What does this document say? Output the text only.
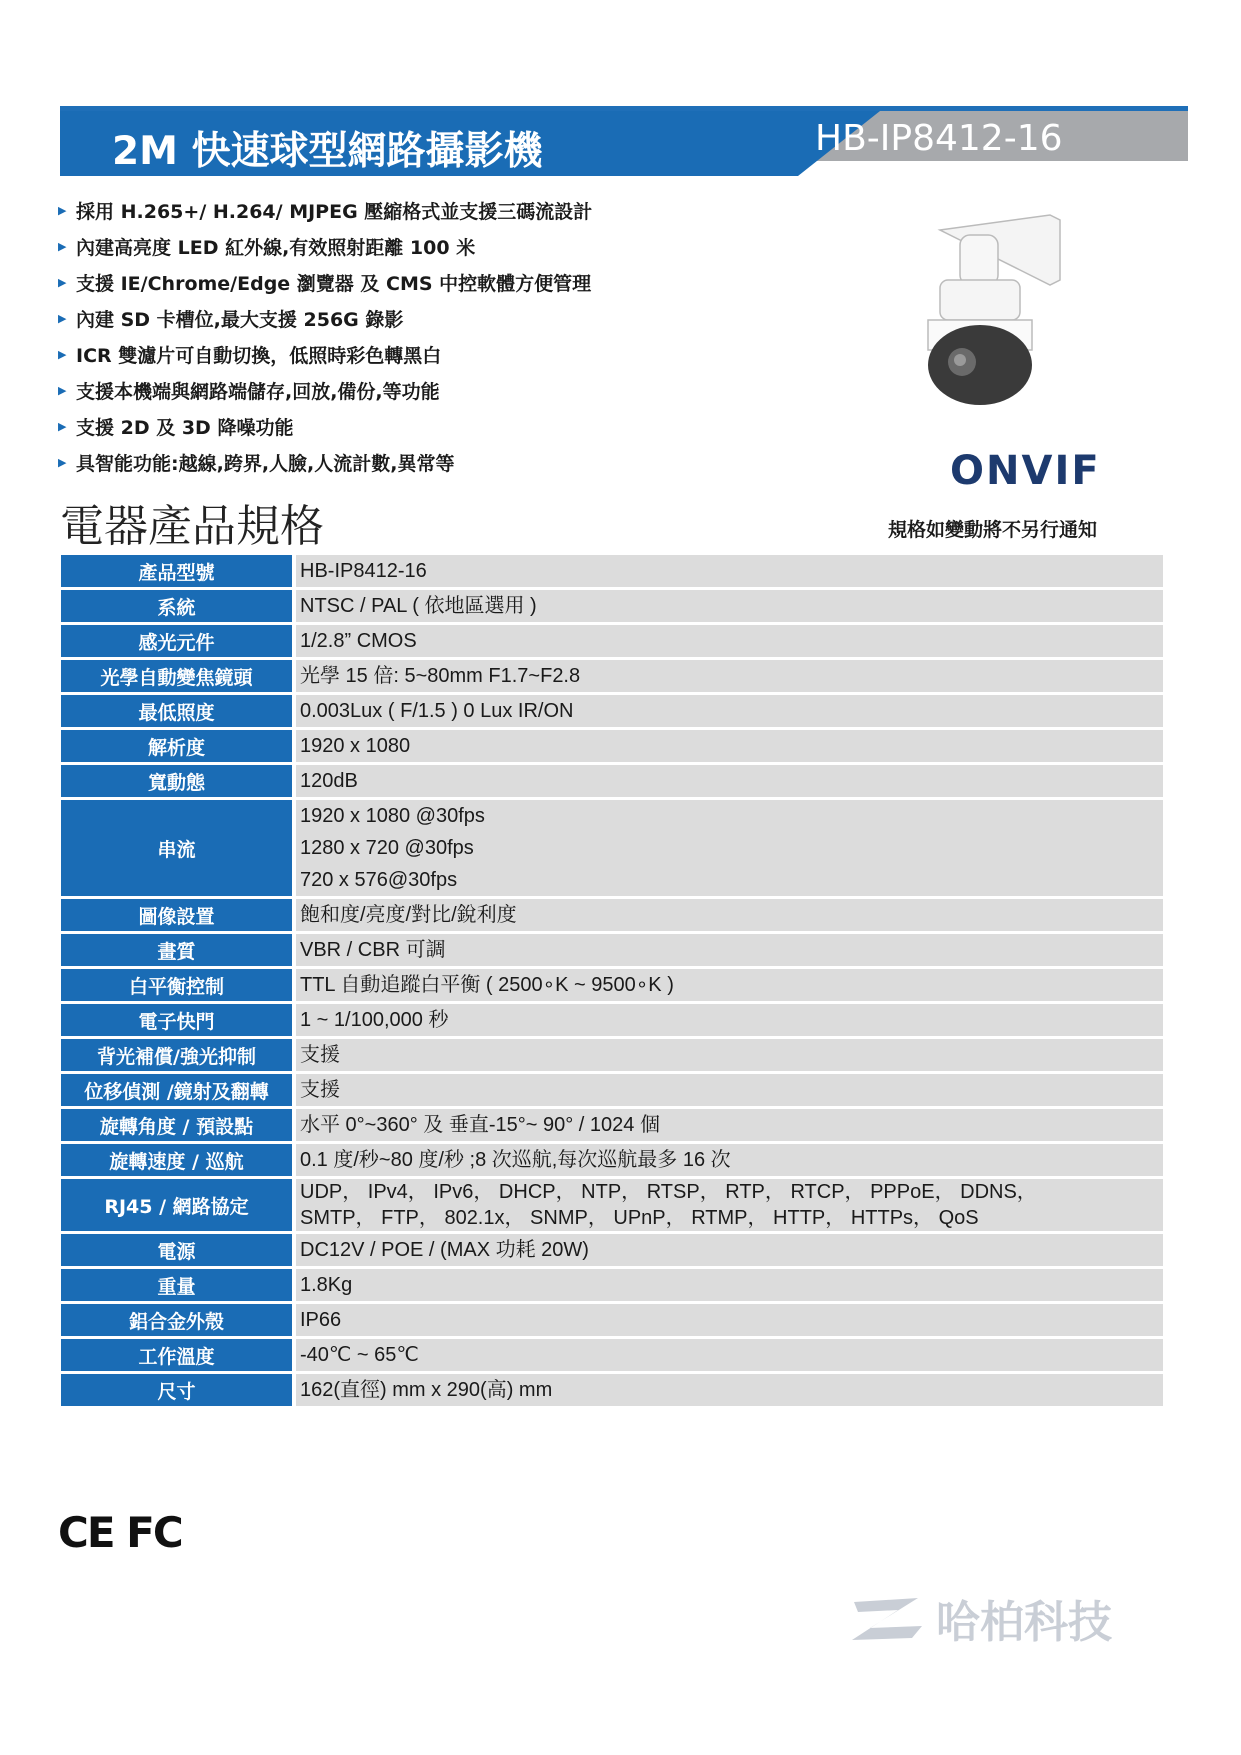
2M 快速球型網路攝影機	HB-IP8412-16
▶ 採用 H.265+/ H.264/ MJPEG 壓縮格式並支援三碼流設計
▶ 內建高亮度 LED 紅外線,有效照射距離 100 米
▶ 支援 IE/Chrome/Edge 瀏覽器 及 CMS 中控軟體方便管理
▶ 內建 SD 卡槽位,最大支援 256G 錄影
▶ ICR 雙濾片可自動切換，低照時彩色轉黑白
▶ 支援本機端與網路端儲存,回放,備份,等功能
▶ 支援 2D 及 3D 降噪功能
▶ 具智能功能:越線,跨界,人臉,人流計數,異常等	ONVIF
電器產品規格	規格如變動將不另行通知
產品型號	HB-IP8412-16
系統	NTSC / PAL ( 依地區選用 )
感光元件	1/2.8” CMOS
光學自動變焦鏡頭	光學 15 倍: 5~80mm F1.7~F2.8
最低照度	0.003Lux ( F/1.5 ) 0 Lux IR/ON
解析度	1920 x 1080
寬動態	120dB
串流
1920 x 1080 @30fps
1280 x 720 @30fps
720 x 576@30fps
圖像設置	飽和度/亮度/對比/銳利度
畫質	VBR / CBR 可調
白平衡控制	TTL 自動追蹤白平衡 ( 2500∘K ~ 9500∘K )
電子快門	1 ~ 1/100,000 秒
背光補償/強光抑制	支援
位移偵測 /鏡射及翻轉	支援
旋轉角度 / 預設點	水平 0°~360° 及 垂直-15°~ 90° / 1024 個
旋轉速度 / 巡航	0.1 度/秒~80 度/秒 ;8 次巡航,每次巡航最多 16 次
RJ45 / 網路協定
UDP， IPv4， IPv6， DHCP， NTP， RTSP， RTP， RTCP， PPPoE， DDNS，
SMTP， FTP， 802.1x， SNMP， UPnP， RTMP， HTTP， HTTPs， QoS
電源	DC12V / POE / (MAX 功耗 20W)
重量	1.8Kg
鋁合金外殼	IP66
工作溫度	-40℃ ~ 65℃
尺寸	162(直徑) mm x 290(高) mm
CE FC
哈柏科技
